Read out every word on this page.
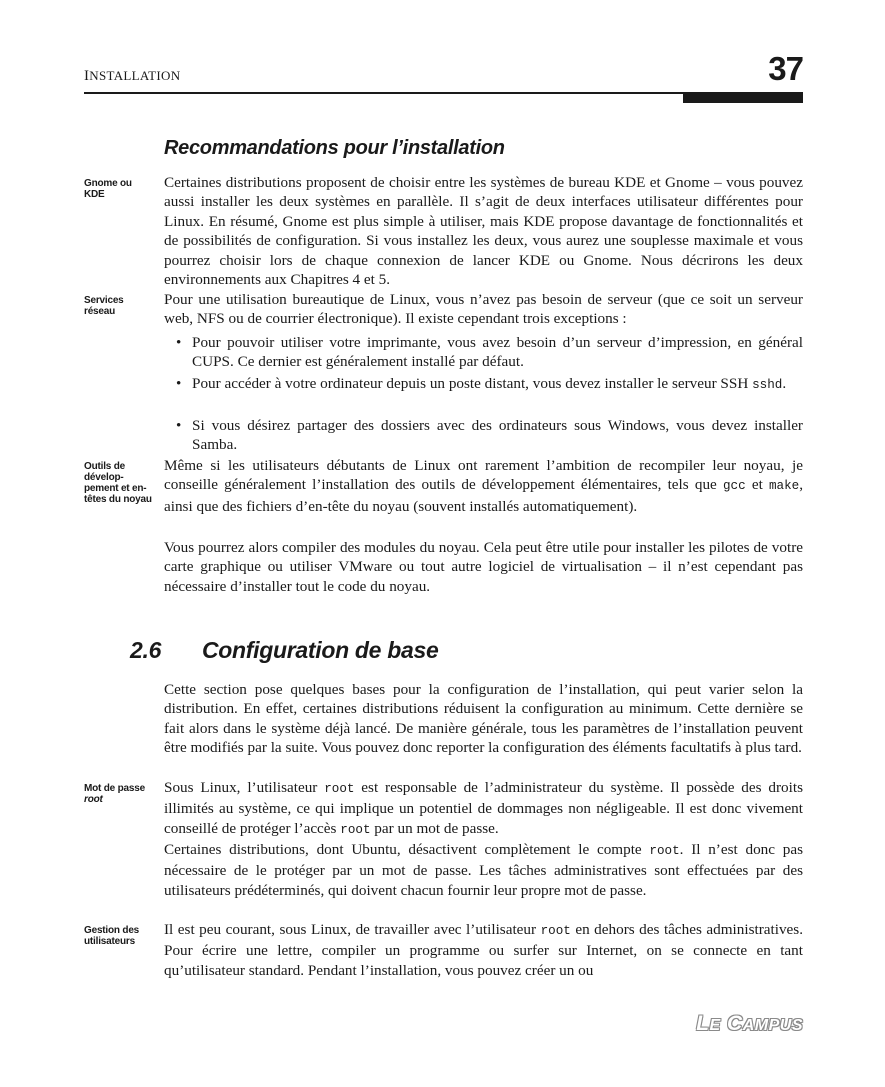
INSTALLATION	37
Recommandations pour l’installation
Gnome ou KDE
Certaines distributions proposent de choisir entre les systèmes de bureau KDE et Gnome – vous pouvez aussi installer les deux systèmes en parallèle. Il s’agit de deux interfaces utilisateur différentes pour Linux. En résumé, Gnome est plus simple à utiliser, mais KDE propose davantage de fonctionnalités et de possibilités de configuration. Si vous installez les deux, vous aurez une souplesse maximale et vous pourrez choisir lors de chaque connexion de lancer KDE ou Gnome. Nous décrirons les deux environnements aux Chapitres 4 et 5.
Services réseau
Pour une utilisation bureautique de Linux, vous n’avez pas besoin de serveur (que ce soit un serveur web, NFS ou de courrier électronique). Il existe cependant trois exceptions :
• Pour pouvoir utiliser votre imprimante, vous avez besoin d’un serveur d’impression, en général CUPS. Ce dernier est généralement installé par défaut.
• Pour accéder à votre ordinateur depuis un poste distant, vous devez installer le serveur SSH sshd.
• Si vous désirez partager des dossiers avec des ordinateurs sous Windows, vous devez installer Samba.
Outils de dévelop-pement et en-têtes du noyau
Même si les utilisateurs débutants de Linux ont rarement l’ambition de recompiler leur noyau, je conseille généralement l’installation des outils de développement élémentaires, tels que gcc et make, ainsi que des fichiers d’en-tête du noyau (souvent installés automatiquement).
Vous pourrez alors compiler des modules du noyau. Cela peut être utile pour installer les pilotes de votre carte graphique ou utiliser VMware ou tout autre logiciel de virtualisation – il n’est cependant pas nécessaire d’installer tout le code du noyau.
2.6 Configuration de base
Cette section pose quelques bases pour la configuration de l’installation, qui peut varier selon la distribution. En effet, certaines distributions réduisent la configuration au minimum. Cette dernière se fait alors dans le système déjà lancé. De manière générale, tous les paramètres de l’installation peuvent être modifiés par la suite. Vous pouvez donc reporter la configuration des éléments facultatifs à plus tard.
Mot de passe
root
Sous Linux, l’utilisateur root est responsable de l’administrateur du système. Il possède des droits illimités au système, ce qui implique un potentiel de dommages non négligeable. Il est donc vivement conseillé de protéger l’accès root par un mot de passe.
Certaines distributions, dont Ubuntu, désactivent complètement le compte root. Il n’est donc pas nécessaire de le protéger par un mot de passe. Les tâches administratives sont effectuées par des utilisateurs prédéterminés, qui doivent chacun fournir leur propre mot de passe.
Gestion des utilisateurs
Il est peu courant, sous Linux, de travailler avec l’utilisateur root en dehors des tâches administratives. Pour écrire une lettre, compiler un programme ou surfer sur Internet, on se connecte en tant qu’utilisateur standard. Pendant l’installation, vous pouvez créer un ou
LE CAMPUS
